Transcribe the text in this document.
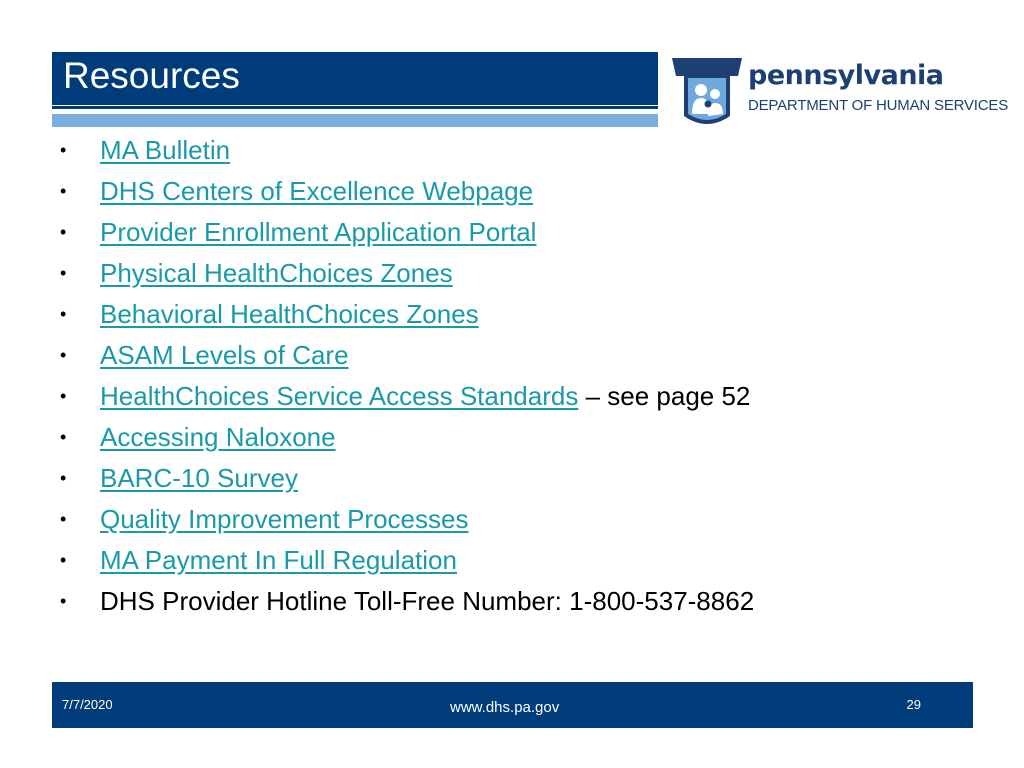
Resources	pennsylvania
DEPARTMENT OF HUMAN SERVICES
• MA Bulletin
• DHS Centers of Excellence Webpage
• Provider Enrollment Application Portal
• Physical HealthChoices Zones
• Behavioral HealthChoices Zones
• ASAM Levels of Care
• HealthChoices Service Access Standards – see page 52
• Accessing Naloxone
• BARC-10 Survey
• Quality Improvement Processes
• MA Payment In Full Regulation
• DHS Provider Hotline Toll-Free Number: 1-800-537-8862
7/7/2020	www.dhs.pa.gov	29
